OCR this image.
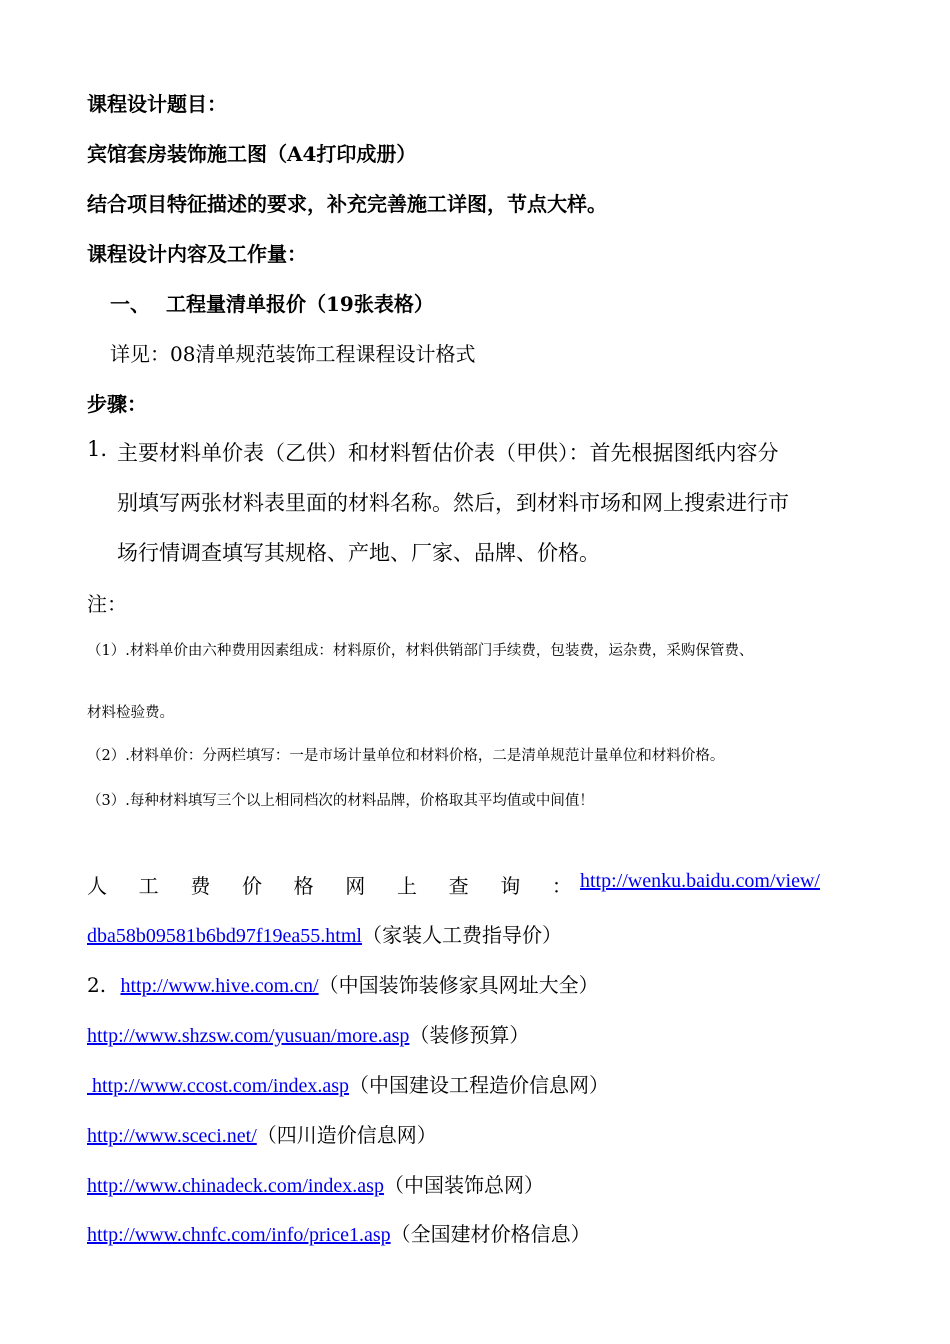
课程设计题目：
宾馆套房装饰施工图（A4打印成册）
结合项目特征描述的要求，补充完善施工详图，节点大样。
课程设计内容及工作量：
一、 工程量清单报价（19张表格）
详见：08清单规范装饰工程课程设计格式
步骤：
1. 主要材料单价表（乙供）和材料暂估价表（甲供）：首先根据图纸内容分
别填写两张材料表里面的材料名称。然后，到材料市场和网上搜索进行市
场行情调查填写其规格、产地、厂家、品牌、价格。
注：
（1）.材料单价由六种费用因素组成：材料原价，材料供销部门手续费，包装费，运杂费，采购保管费、
材料检验费。
（2）.材料单价：分两栏填写：一是市场计量单位和材料价格，二是清单规范计量单位和材料价格。
（3）.每种材料填写三个以上相同档次的材料品牌，价格取其平均值或中间值！
人 工 费 价 格 网 上 查 询 ： http://wenku.baidu.com/view/
dba58b09581b6bd97f19ea55.html（家装人工费指导价）
2. http://www.hive.com.cn/（中国装饰装修家具网址大全）
http://www.shzsw.com/yusuan/more.asp（装修预算）
http://www.ccost.com/index.asp（中国建设工程造价信息网）
http://www.sceci.net/（四川造价信息网）
http://www.chinadeck.com/index.asp（中国装饰总网）
http://www.chnfc.com/info/price1.asp（全国建材价格信息）
